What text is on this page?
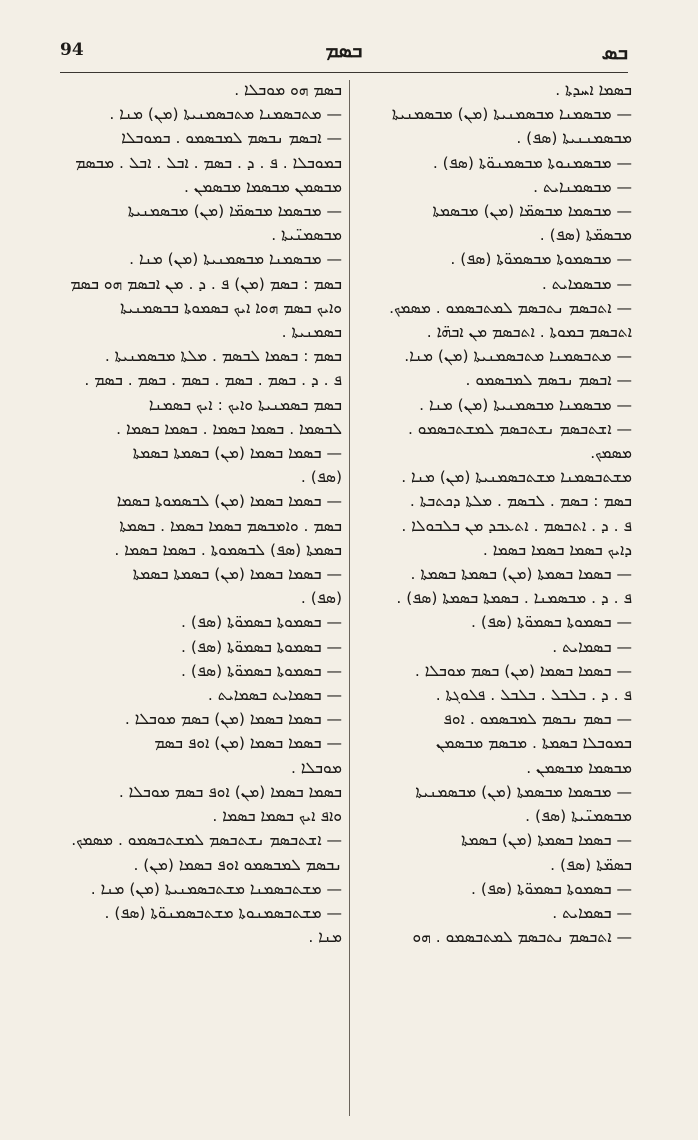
94	ܒܣܡ	ܒܣ
ܒܣܡܐ ܐܚܕܬܐ .
— ܡܒܣܡܢܐ ܡܒܣܡܢܝܬܐ (ܡܢ) ܡܒܣܡܢܝܬܐ
ܡܒܣܡܢܢܝܬܐ (ܣܦ) .
— ܡܒܣܡܢܘܬܐ ܡܒܣܡܢܘ̈ܬܐ (ܣܦ) .
— ܡܒܣܡܢܐܝܬ .
— ܡܒܣܡܐ ܡܒܣܡ̈ܐ (ܡܢ) ܡܒܣܡܬܐ
ܡܒܣܡ̈ܬܐ (ܣܦ) .
— ܡܒܣܡܘܬܐ ܡܒܣܡܘ̈ܬܐ (ܣܦ) .
— ܡܒܣܡܐܝܬ .
— ܐܬܒܣܡ ܢܬܒܣܡ ܠܡܬܒܣܡܘ . ܡܣܡܟ.
ܐܬܒܣܡ ܒܡܘܬܐ . ܐܬܒܣܡ ܡܢ ܐܒܗ̈ܐ .
— ܡܬܒܣܡܢܐ ܡܬܒܣܡܢܝܬܐ (ܡܢ) ܡܢܐ.
— ܐܒܣܡ ܢܒܣܡ ܠܡܒܣܡܘ .
— ܡܒܣܡܢܐ ܡܒܣܡܢܝܬܐ (ܡܢ) ܡܢܐ .
— ܐܫܬܒܣܡ ܢܫܬܒܣܡ ܠܡܫܬܒܣܡܘ .
ܡܣܡܟ.
ܡܫܬܒܣܡܢܐ ܡܫܬܒܣܡܢܝܬܐ (ܡܢ) ܡܢܐ .
ܒܣܡ : ܒܣܡ . ܠܒܣܡ . ܡܠܬܐ ܕܟܬܒܬܐ .
ܦ . ܕ . ܐܬܒܣܡ . ܐܬܥܒܕ ܡܢ ܒܠܒܘܠܐ .
ܕܐܝܟ ܒܣܡܐ ܒܣܡܐ ܒܣܡܐ .
— ܒܣܡܐ ܒܣܡܬܐ (ܡܢ) ܒܣܡܬܐ ܒܣܡܬܐ .
ܦ . ܕ . ܡܒܣܡܢܐ . ܒܣܡܬܐ ܒܣܡܬܐ (ܣܦ) .
— ܒܣܡܘܬܐ ܒܣܡܘ̈ܬܐ (ܣܦ) .
— ܒܣܡܐܝܬ .
— ܒܣܡܐ ܒܣܡܐ (ܡܢ) ܒܣܡ ܡܘܒܠܐ .
ܦ . ܕ . ܒܠܒܠ . ܒܠܒܠ . ܦܠܘܓܬܐ .
— ܒܣܡ ܢܒܣܡ ܠܡܒܣܡܘ . ܐܘܦ
ܒܡܘܒܠܐ ܒܣܡܬܐ . ܡܒܣܡ ܡܒܣܡܢ
ܡܒܣܡܐ ܡܒܣܡܢ .
— ܡܒܣܡܐ ܡܒܣܡܬܐ (ܡܢ) ܡܒܣܡܢܝܬܐ
ܡܒܣܡܢ̈ܝܬܐ (ܣܦ) .
— ܒܣܡܐ ܒܣܡܬܐ (ܡܢ) ܒܣܡܬܐ
ܒܣܡ̈ܬܐ (ܣܦ) .
— ܒܣܡܘܬܐ ܒܣܡܘ̈ܬܐ (ܣܦ) .
— ܒܣܡܐܝܬ .
— ܐܬܒܣܡ ܢܬܒܣܡ ܠܡܬܒܣܡܘ . ܗܘ
ܒܣܡ ܗܘ ܡܘܒܠܐ .
— ܡܬܒܣܡܢܐ ܡܬܒܣܡܢܝܬܐ (ܡܢ) ܡܢܐ .
— ܐܒܣܡ ܢܒܣܡ ܠܡܒܣܡܘ . ܒܡܘܒܠܐ
ܒܡܘܒܠܐ . ܦ . ܕ . ܒܣܡ . ܐܒܠ . ܐܒܠ . ܡܒܣܡ
ܡܒܣܡܢ ܡܒܣܡܐ ܡܒܣܡܢ .
— ܡܒܣܡܐ ܡܒܣܡ̈ܐ (ܡܢ) ܡܒܣܡܢܝܬܐ
ܡܒܣܡܢ̈ܝܬܐ .
— ܡܒܣܡܢܐ ܡܒܣܡܢܝܬܐ (ܡܢ) ܡܢܐ .
ܒܣܡ : ܒܣܡ (ܡܢ) ܦ . ܕ . ܡܢ ܐܒܣܡ ܗܘ ܒܣܡ
ܘܐܝܟ ܒܣܡ ܗܘܐ ܐܝܟ ܒܣܡܘܬܐ ܒܒܣܡܢܝܬܐ
ܒܣܡܢܝܬܐ .
ܒܣܡ : ܒܣܡܐ ܠܒܣܡ . ܡܠܬܐ ܡܒܣܡܢܝܬܐ .
ܦ . ܕ . ܒܣܡ . ܒܣܡ . ܒܣܡ . ܒܣܡ . ܒܣܡ .
ܒܣܡ ܒܣܡܢܝܬܐ ܘܐܝܟ : ܐܝܟ ܒܣܡܢܐ
ܠܒܣܡܐ . ܒܣܡܐ ܒܣܡܐ . ܒܣܡܐ ܒܣܡܐ .
— ܒܣܡܐ ܒܣܡܐ (ܡܢ) ܒܣܡܬܐ ܒܣܡܬܐ
(ܣܦ) .
— ܒܣܡܐ ܒܣܡܐ (ܡܢ) ܠܒܣܡܘܬܐ ܒܣܡܐ
ܒܣܡ . ܘܐܡܒܣܡ ܒܣܡܐ ܒܣܡܐ . ܒܣܡܬܐ
ܒܣܡܬܐ (ܣܦ) ܠܒܣܡܘܬܐ . ܒܣܡܐ ܒܣܡܐ .
— ܒܣܡܐ ܒܣܡܐ (ܡܢ) ܒܣܡܬܐ ܒܣܡܬܐ
(ܣܦ) .
— ܒܣܡܘܬܐ ܒܣܡܘ̈ܬܐ (ܣܦ) .
— ܒܣܡܘܬܐ ܒܣܡܘ̈ܬܐ (ܣܦ) .
— ܒܣܡܘܬܐ ܒܣܡܘ̈ܬܐ (ܣܦ) .
— ܒܣܡܐܝܬ ܒܣܡܐܝܬ .
— ܒܣܡܐ ܒܣܡܐ (ܡܢ) ܒܣܡ ܡܘܒܠܐ .
— ܒܣܡܐ ܒܣܡܐ (ܡܢ) ܐܘܦ ܒܣܡ
ܡܘܒܠܐ .
ܒܣܡܐ ܒܣܡܐ (ܡܢ) ܐܘܦ ܒܣܡ ܡܘܒܠܐ .
ܘܐܦ ܐܝܟ ܒܣܡܐ ܒܣܡܐ .
— ܐܫܬܒܣܡ ܢܫܬܒܣܡ ܠܡܫܬܒܣܡܘ . ܡܣܡܟ.
ܢܒܣܡ ܠܡܒܣܡܘ ܐܘܦ ܒܣܡܐ (ܡܢ) .
— ܡܫܬܒܣܡܢܐ ܡܫܬܒܣܡܢܝܬܐ (ܡܢ) ܡܢܐ .
— ܡܫܬܒܣܡܢܘܬܐ ܡܫܬܒܣܡܢܘ̈ܬܐ (ܣܦ) .
ܡܢܐ .
